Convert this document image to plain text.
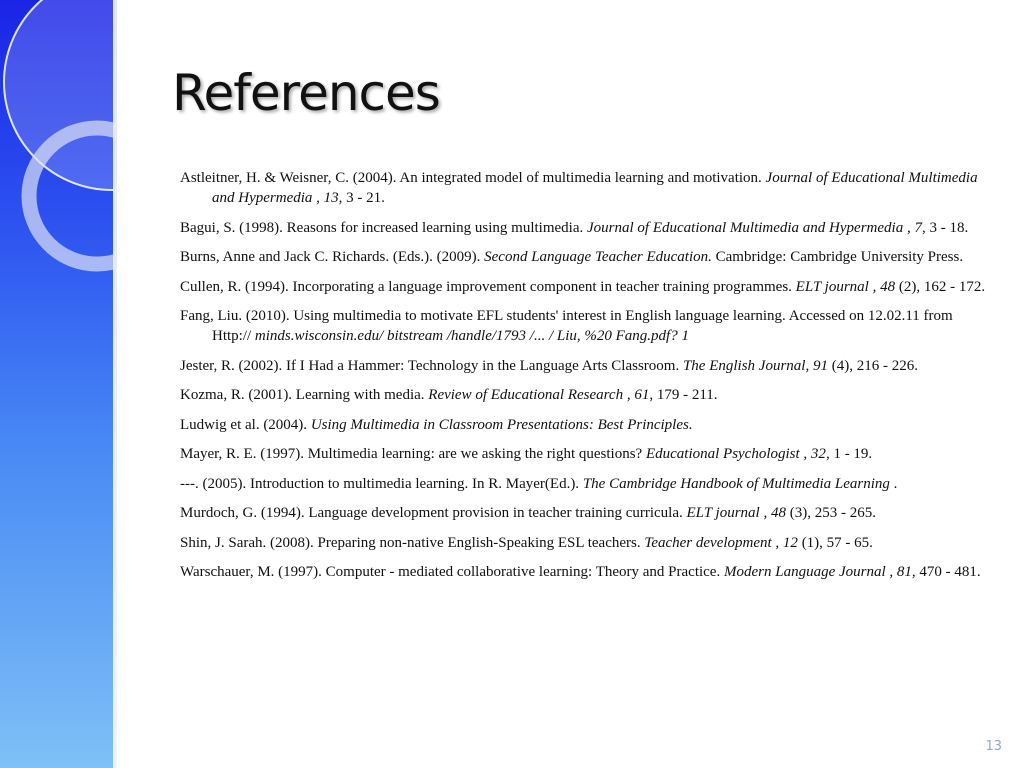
References
Astleitner, H. & Weisner, C. (2004). An integrated model of multimedia learning and motivation. Journal of Educational Multimedia and Hypermedia , 13, 3 - 21.
Bagui, S. (1998). Reasons for increased learning using multimedia. Journal of Educational Multimedia and Hypermedia , 7, 3 - 18.
Burns, Anne and Jack C. Richards. (Eds.). (2009). Second Language Teacher Education. Cambridge: Cambridge University Press.
Cullen, R. (1994). Incorporating a language improvement component in teacher training programmes. ELT journal , 48 (2), 162 - 172.
Fang, Liu. (2010). Using multimedia to motivate EFL students' interest in English language learning. Accessed on 12.02.11 from Http:// minds.wisconsin.edu/ bitstream /handle/1793 /... / Liu, %20 Fang.pdf? 1
Jester, R. (2002). If I Had a Hammer: Technology in the Language Arts Classroom. The English Journal, 91 (4), 216 - 226.
Kozma, R. (2001). Learning with media. Review of Educational Research , 61, 179 - 211.
Ludwig et al. (2004). Using Multimedia in Classroom Presentations: Best Principles.
Mayer, R. E. (1997). Multimedia learning: are we asking the right questions? Educational Psychologist , 32, 1 - 19.
---. (2005). Introduction to multimedia learning. In R. Mayer(Ed.). The Cambridge Handbook of Multimedia Learning .
Murdoch, G. (1994). Language development provision in teacher training curricula. ELT journal , 48 (3), 253 - 265.
Shin, J. Sarah. (2008). Preparing non-native English-Speaking ESL teachers. Teacher development , 12 (1), 57 - 65.
Warschauer, M. (1997). Computer - mediated collaborative learning: Theory and Practice. Modern Language Journal , 81, 470 - 481.
13
